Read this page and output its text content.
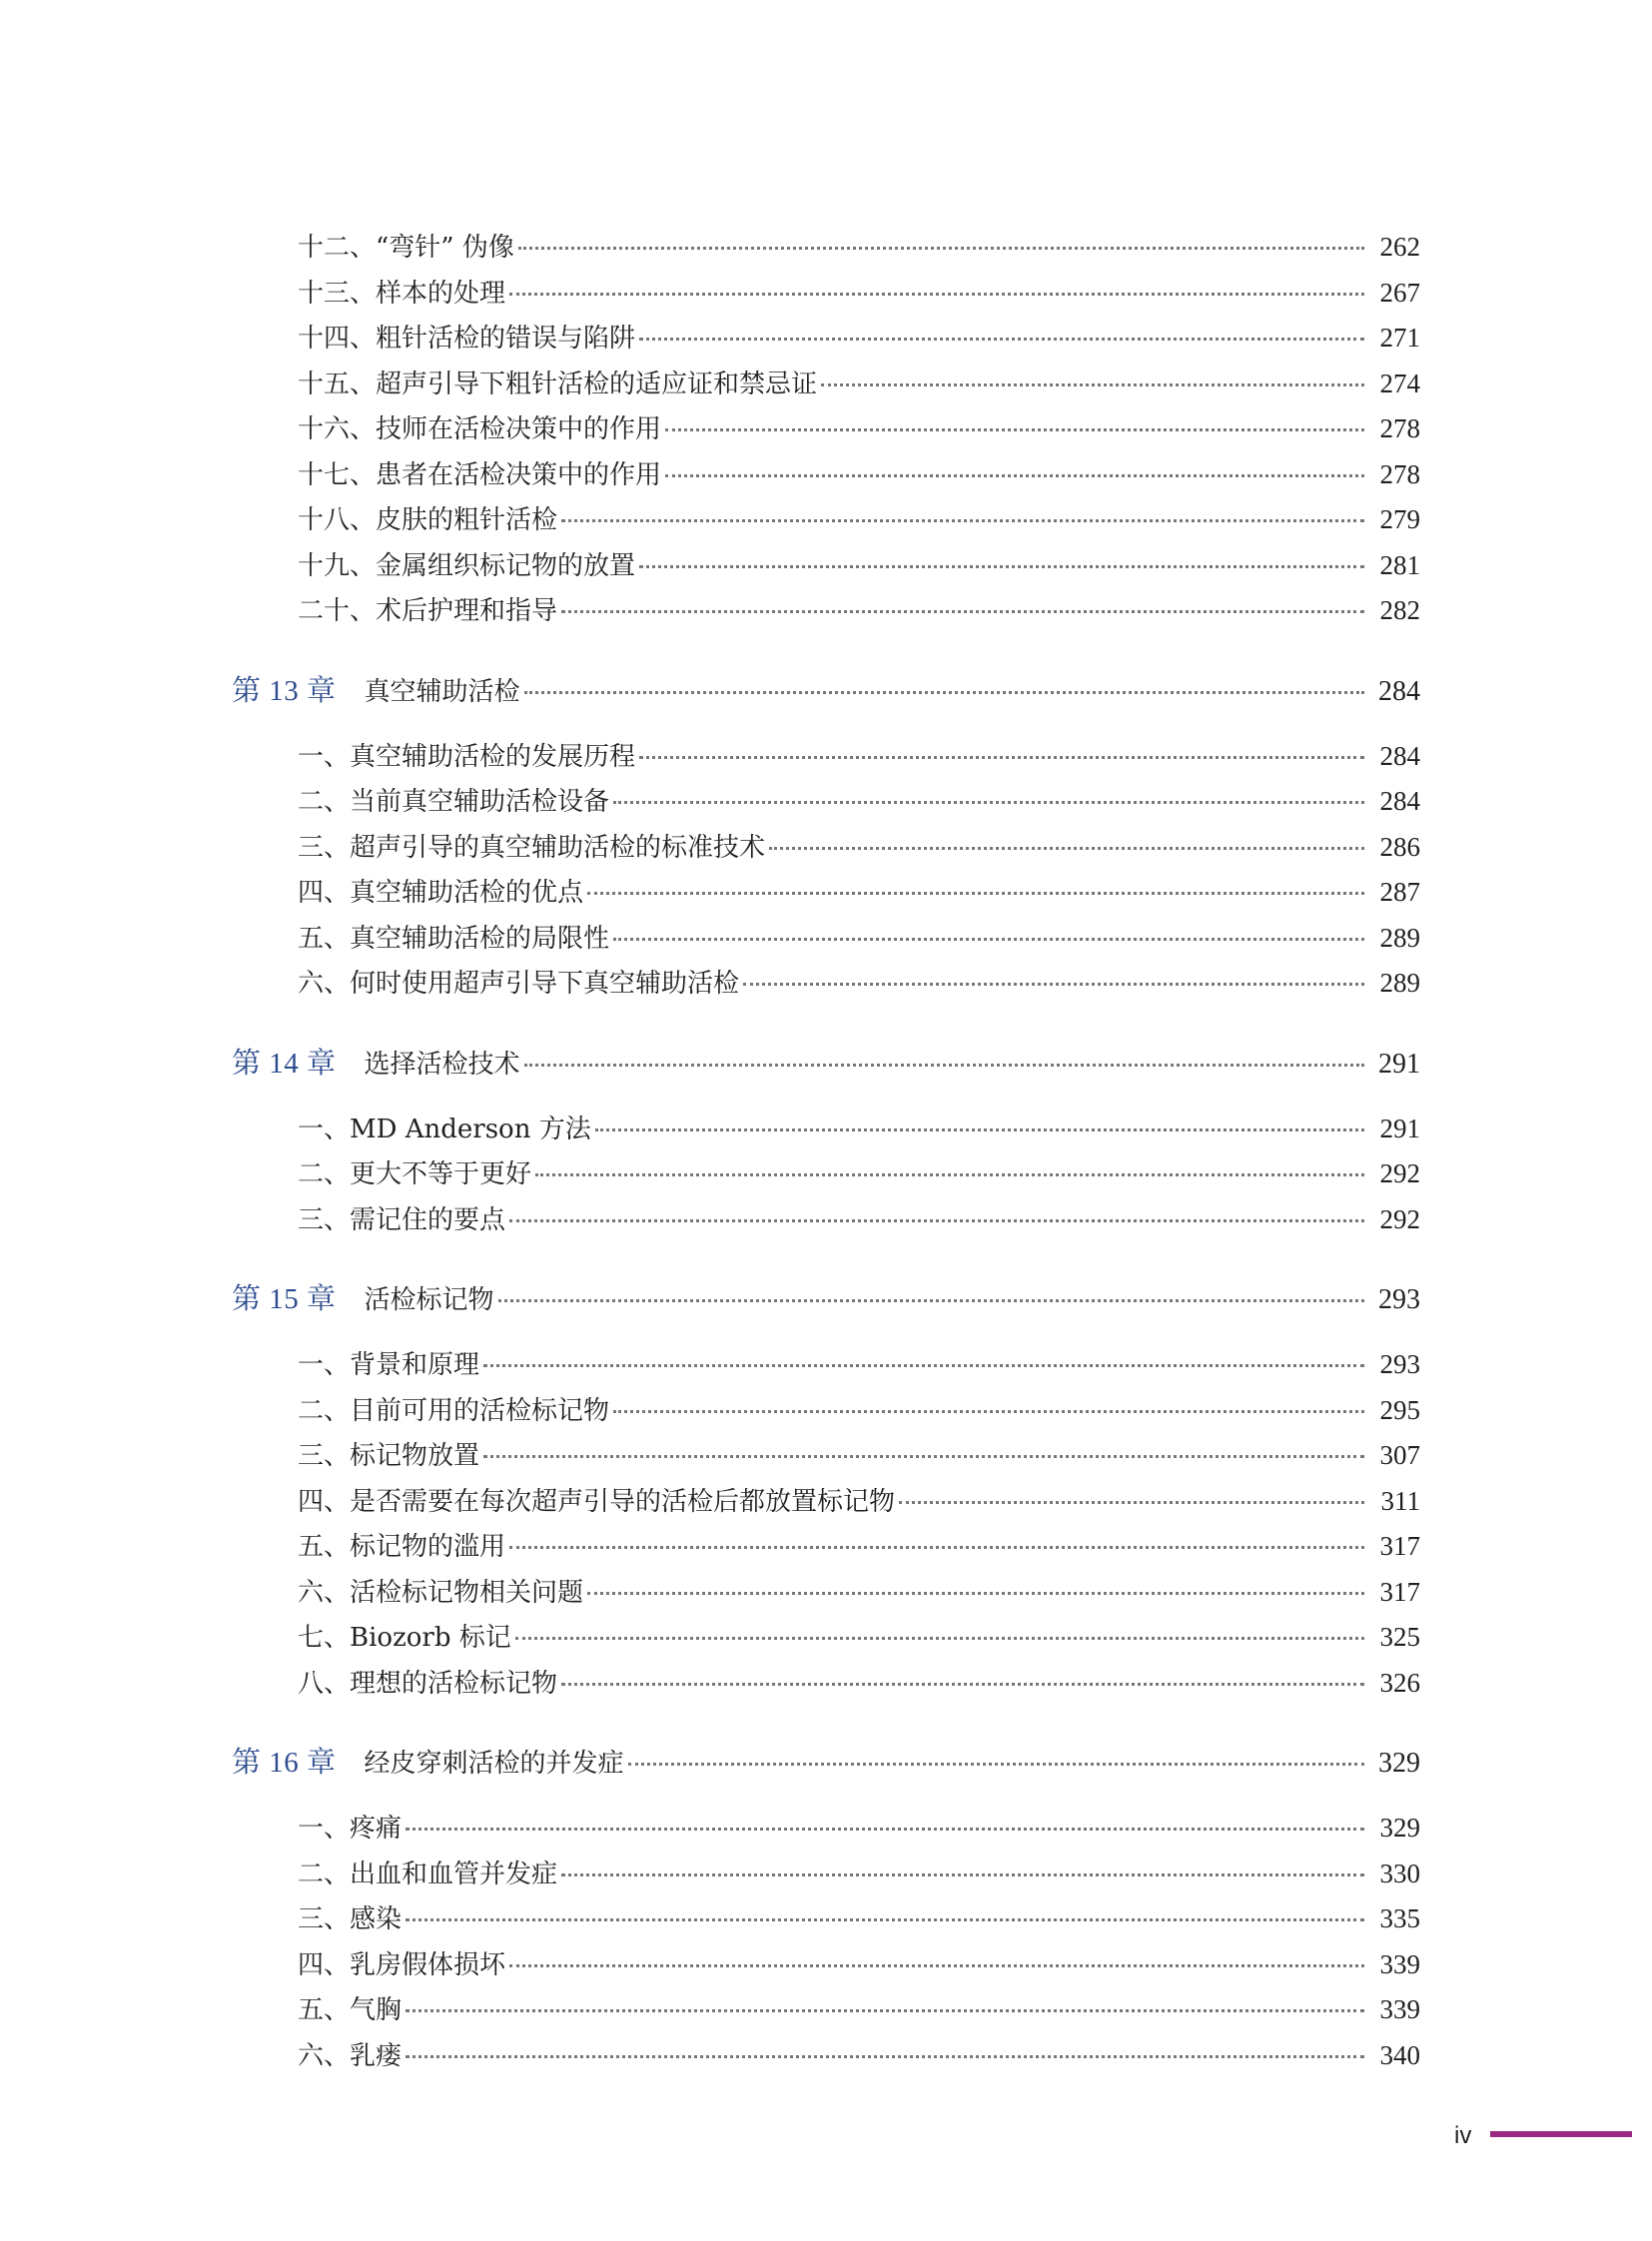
十二、“弯针” 伪像	262
十三、样本的处理	267
十四、粗针活检的错误与陷阱	271
十五、超声引导下粗针活检的适应证和禁忌证	274
十六、技师在活检决策中的作用	278
十七、患者在活检决策中的作用	278
十八、皮肤的粗针活检	279
十九、金属组织标记物的放置	281
二十、术后护理和指导	282
第 13 章 真空辅助活检	284
一、真空辅助活检的发展历程	284
二、当前真空辅助活检设备	284
三、超声引导的真空辅助活检的标准技术	286
四、真空辅助活检的优点	287
五、真空辅助活检的局限性	289
六、何时使用超声引导下真空辅助活检	289
第 14 章 选择活检技术	291
一、MD Anderson 方法	291
二、更大不等于更好	292
三、需记住的要点	292
第 15 章 活检标记物	293
一、背景和原理	293
二、目前可用的活检标记物	295
三、标记物放置	307
四、是否需要在每次超声引导的活检后都放置标记物	311
五、标记物的滥用	317
六、活检标记物相关问题	317
七、Biozorb 标记	325
八、理想的活检标记物	326
第 16 章 经皮穿刺活检的并发症	329
一、疼痛	329
二、出血和血管并发症	330
三、感染	335
四、乳房假体损坏	339
五、气胸	339
六、乳瘘	340
iv
